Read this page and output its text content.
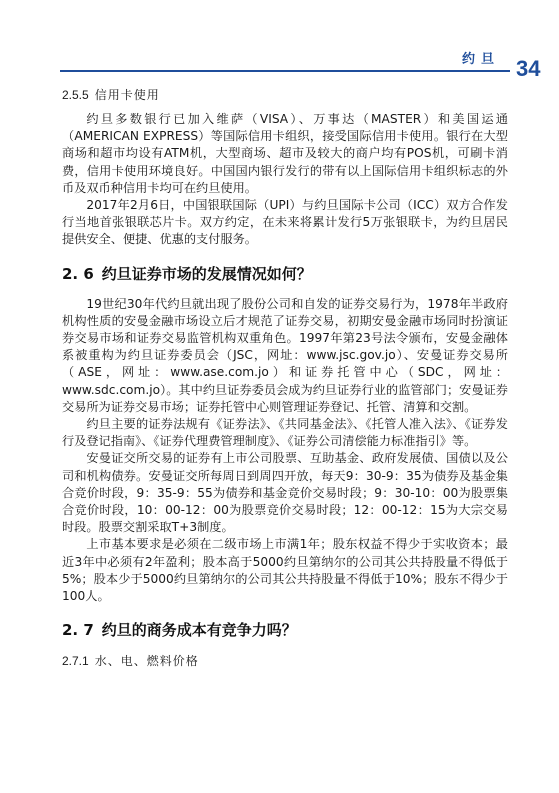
约旦 34
2.5.5 信用卡使用

约旦多数银行已加入维萨（VISA）、万事达（MASTER）和美国运通（AMERICAN EXPRESS）等国际信用卡组织，接受国际信用卡使用。银行在大型商场和超市均设有ATM机，大型商场、超市及较大的商户均有POS机，可刷卡消费，信用卡使用环境良好。中国国内银行发行的带有以上国际信用卡组织标志的外币及双币种信用卡均可在约旦使用。

2017年2月6日，中国银联国际（UPI）与约旦国际卡公司（ICC）双方合作发行当地首张银联芯片卡。双方约定，在未来将累计发行5万张银联卡，为约旦居民提供安全、便捷、优惠的支付服务。

2. 6 约旦证券市场的发展情况如何？

19世纪30年代约旦就出现了股份公司和自发的证券交易行为，1978年半政府机构性质的安曼金融市场设立后才规范了证券交易，初期安曼金融市场同时扮演证券交易市场和证券交易监管机构双重角色。1997年第23号法令颁布，安曼金融体系被重构为约旦证券委员会（JSC，网址：www.jsc.gov.jo）、安曼证券交易所（ASE，网址：www.ase.com.jo）和证券托管中心（SDC，网址：www.sdc.com.jo）。其中约旦证券委员会成为约旦证券行业的监管部门；安曼证券交易所为证券交易市场；证券托管中心则管理证券登记、托管、清算和交割。

约旦主要的证券法规有《证券法》、《共同基金法》、《托管人准入法》、《证券发行及登记指南》、《证券代理费管理制度》、《证券公司清偿能力标准指引》等。

安曼证交所交易的证券有上市公司股票、互助基金、政府发展债、国债以及公司和机构债券。安曼证交所每周日到周四开放，每天9：30-9：35为债券及基金集合竞价时段，9：35-9：55为债券和基金竞价交易时段；9：30-10：00为股票集合竞价时段，10：00-12：00为股票竞价交易时段；12：00-12：15为大宗交易时段。股票交割采取T+3制度。

上市基本要求是必须在二级市场上市满1年；股东权益不得少于实收资本；最近3年中必须有2年盈利；股本高于5000约旦第纳尔的公司其公共持股量不得低于5%；股本少于5000约旦第纳尔的公司其公共持股量不得低于10%；股东不得少于100人。

2. 7 约旦的商务成本有竞争力吗？
2.7.1 水、电、燃料价格
